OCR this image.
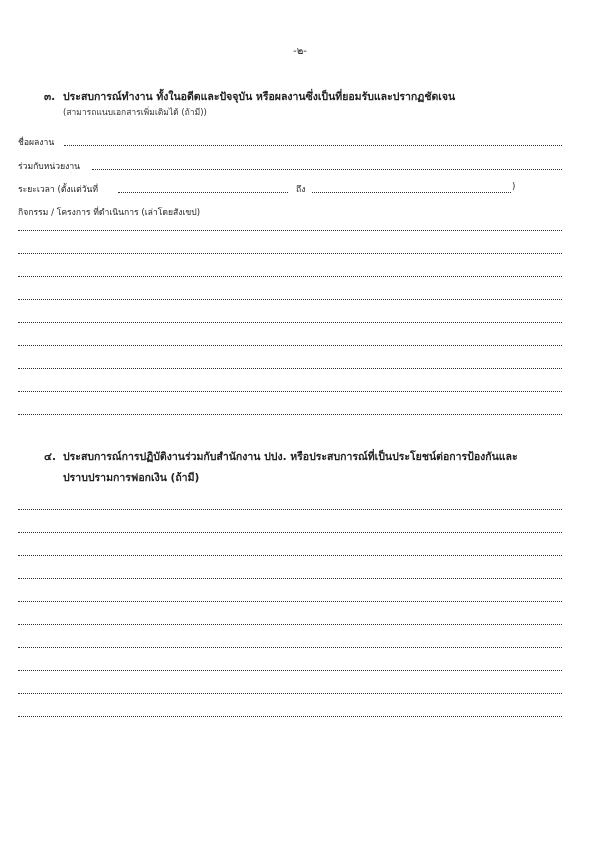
-๒-
๓. ประสบการณ์ทำงาน ทั้งในอดีตและปัจจุบัน หรือผลงานซึ่งเป็นที่ยอมรับและปรากฏชัดเจน
(สามารถแนบเอกสารเพิ่มเติมได้ (ถ้ามี))
ชื่อผลงาน
ร่วมกับหน่วยงาน
ระยะเวลา (ตั้งแต่วันที่	ถึง	)
กิจกรรม / โครงการ ที่ดำเนินการ (เล่าโดยสังเขป)
๔. ประสบการณ์การปฏิบัติงานร่วมกับสำนักงาน ปปง. หรือประสบการณ์ที่เป็นประโยชน์ต่อการป้องกันและ
ปราบปรามการฟอกเงิน (ถ้ามี)
